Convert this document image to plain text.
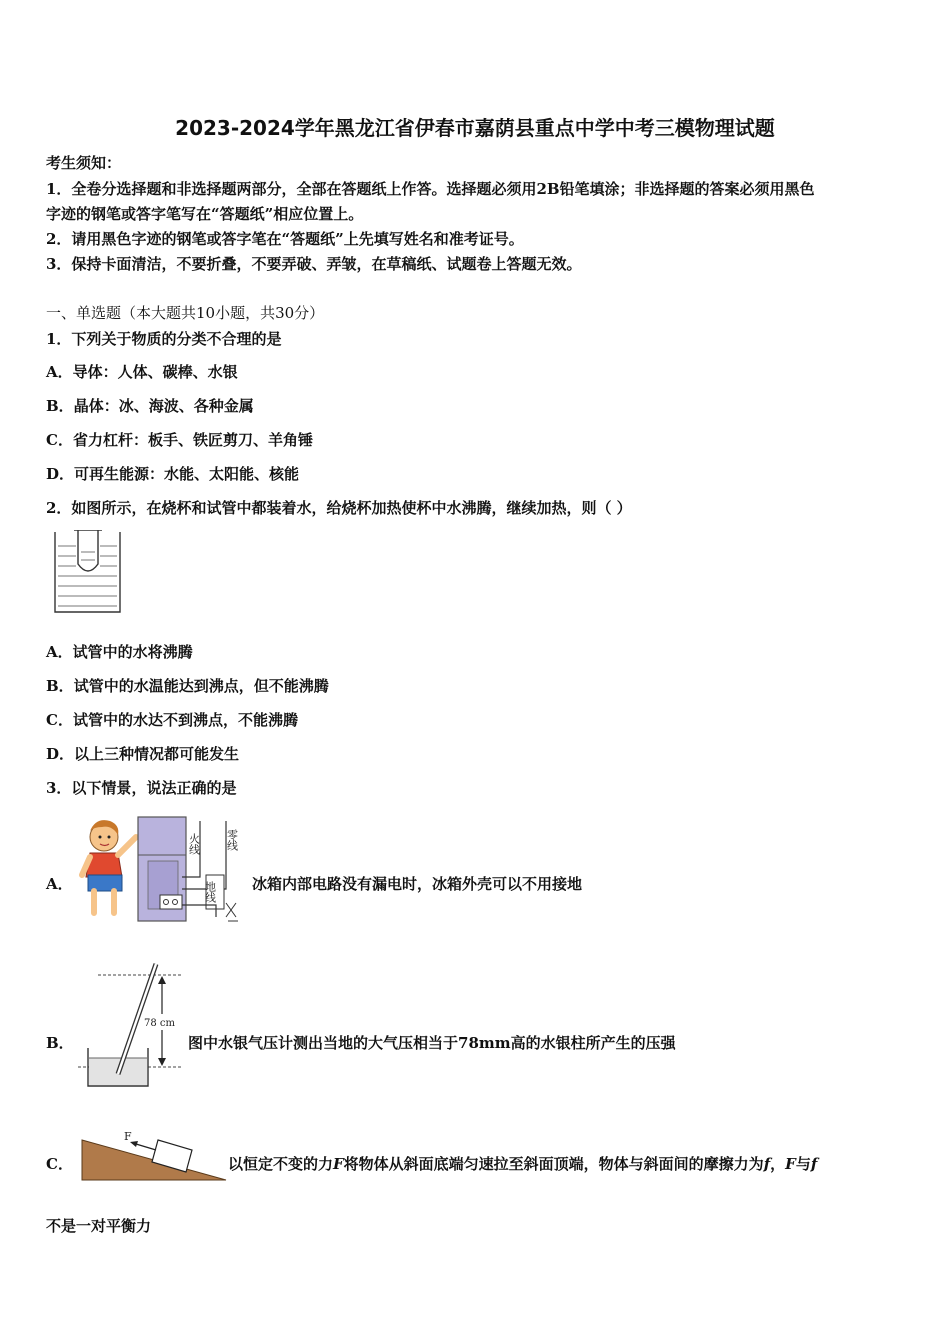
2023-2024学年黑龙江省伊春市嘉荫县重点中学中考三模物理试题
考生须知：
1．全卷分选择题和非选择题两部分，全部在答题纸上作答。选择题必须用2B铅笔填涂；非选择题的答案必须用黑色
字迹的钢笔或答字笔写在“答题纸”相应位置上。
2．请用黑色字迹的钢笔或答字笔在“答题纸”上先填写姓名和准考证号。
3．保持卡面清洁，不要折叠，不要弄破、弄皱，在草稿纸、试题卷上答题无效。
一、单选题（本大题共10小题，共30分）
1．下列关于物质的分类不合理的是
A．导体：人体、碳棒、水银
B．晶体：冰、海波、各种金属
C．省力杠杆：板手、铁匠剪刀、羊角锤
D．可再生能源：水能、太阳能、核能
2．如图所示，在烧杯和试管中都装着水，给烧杯加热使杯中水沸腾，继续加热，则（ ）
A．试管中的水将沸腾
B．试管中的水温能达到沸点，但不能沸腾
C．试管中的水达不到沸点，不能沸腾
D．以上三种情况都可能发生
3．以下情景，说法正确的是
A．
火线 零线
地线 冰箱内部电路没有漏电时，冰箱外壳可以不用接地
B．
78 cm
图中水银气压计测出当地的大气压相当于78mm高的水银柱所产生的压强
C．
F
以恒定不变的力F将物体从斜面底端匀速拉至斜面顶端，物体与斜面间的摩擦力为f，F与f
不是一对平衡力
